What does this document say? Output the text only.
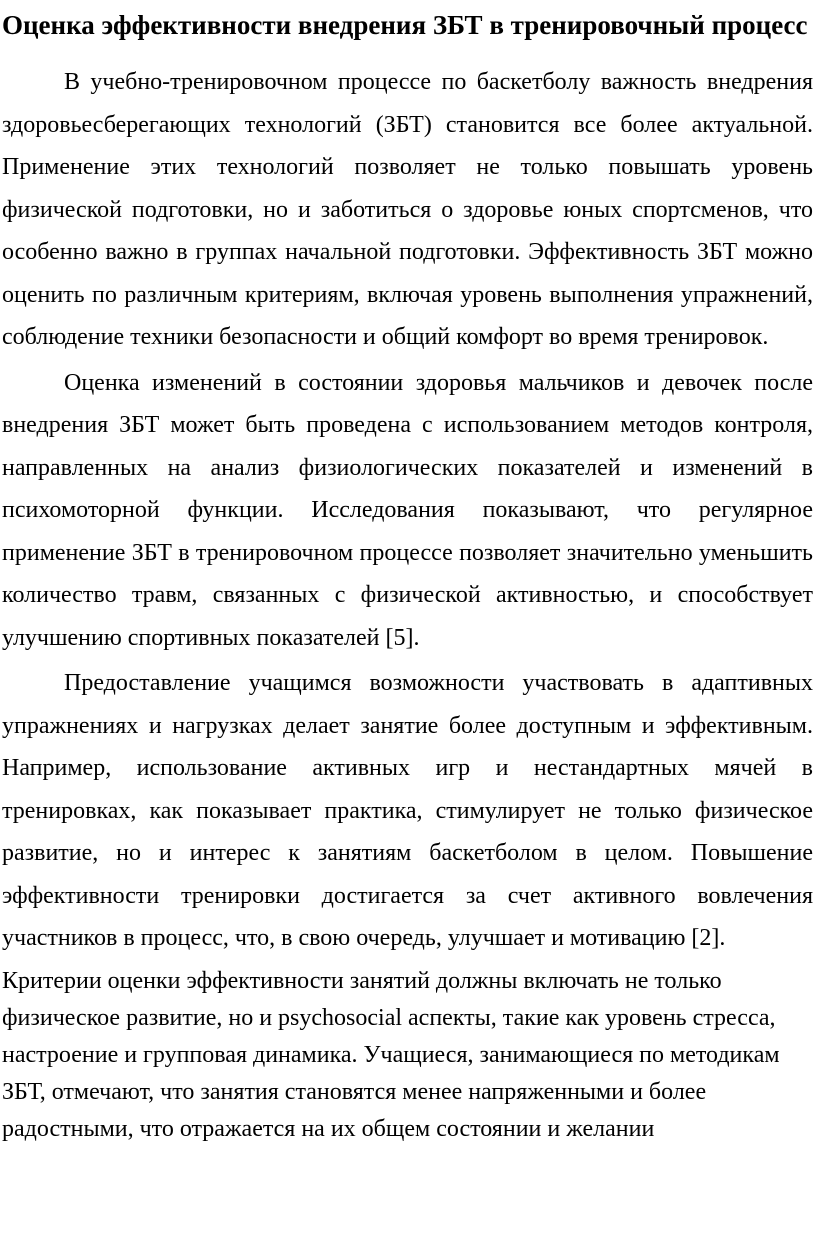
Оценка эффективности внедрения ЗБТ в тренировочный процесс

В учебно-тренировочном процессе по баскетболу важность внедрения здоровьесберегающих технологий (ЗБТ) становится все более актуальной. Применение этих технологий позволяет не только повышать уровень физической подготовки, но и заботиться о здоровье юных спортсменов, что особенно важно в группах начальной подготовки. Эффективность ЗБТ можно оценить по различным критериям, включая уровень выполнения упражнений, соблюдение техники безопасности и общий комфорт во время тренировок.

Оценка изменений в состоянии здоровья мальчиков и девочек после внедрения ЗБТ может быть проведена с использованием методов контроля, направленных на анализ физиологических показателей и изменений в психомоторной функции. Исследования показывают, что регулярное применение ЗБТ в тренировочном процессе позволяет значительно уменьшить количество травм, связанных с физической активностью, и способствует улучшению спортивных показателей [5].

Предоставление учащимся возможности участвовать в адаптивных упражнениях и нагрузках делает занятие более доступным и эффективным. Например, использование активных игр и нестандартных мячей в тренировках, как показывает практика, стимулирует не только физическое развитие, но и интерес к занятиям баскетболом в целом. Повышение эффективности тренировки достигается за счет активного вовлечения участников в процесс, что, в свою очередь, улучшает и мотивацию [2].

Критерии оценки эффективности занятий должны включать не только физическое развитие, но и psychosocial аспекты, такие как уровень стресса, настроение и групповая динамика. Учащиеся, занимающиеся по методикам ЗБТ, отмечают, что занятия становятся менее напряженными и более радостными, что отражается на их общем состоянии и желании
